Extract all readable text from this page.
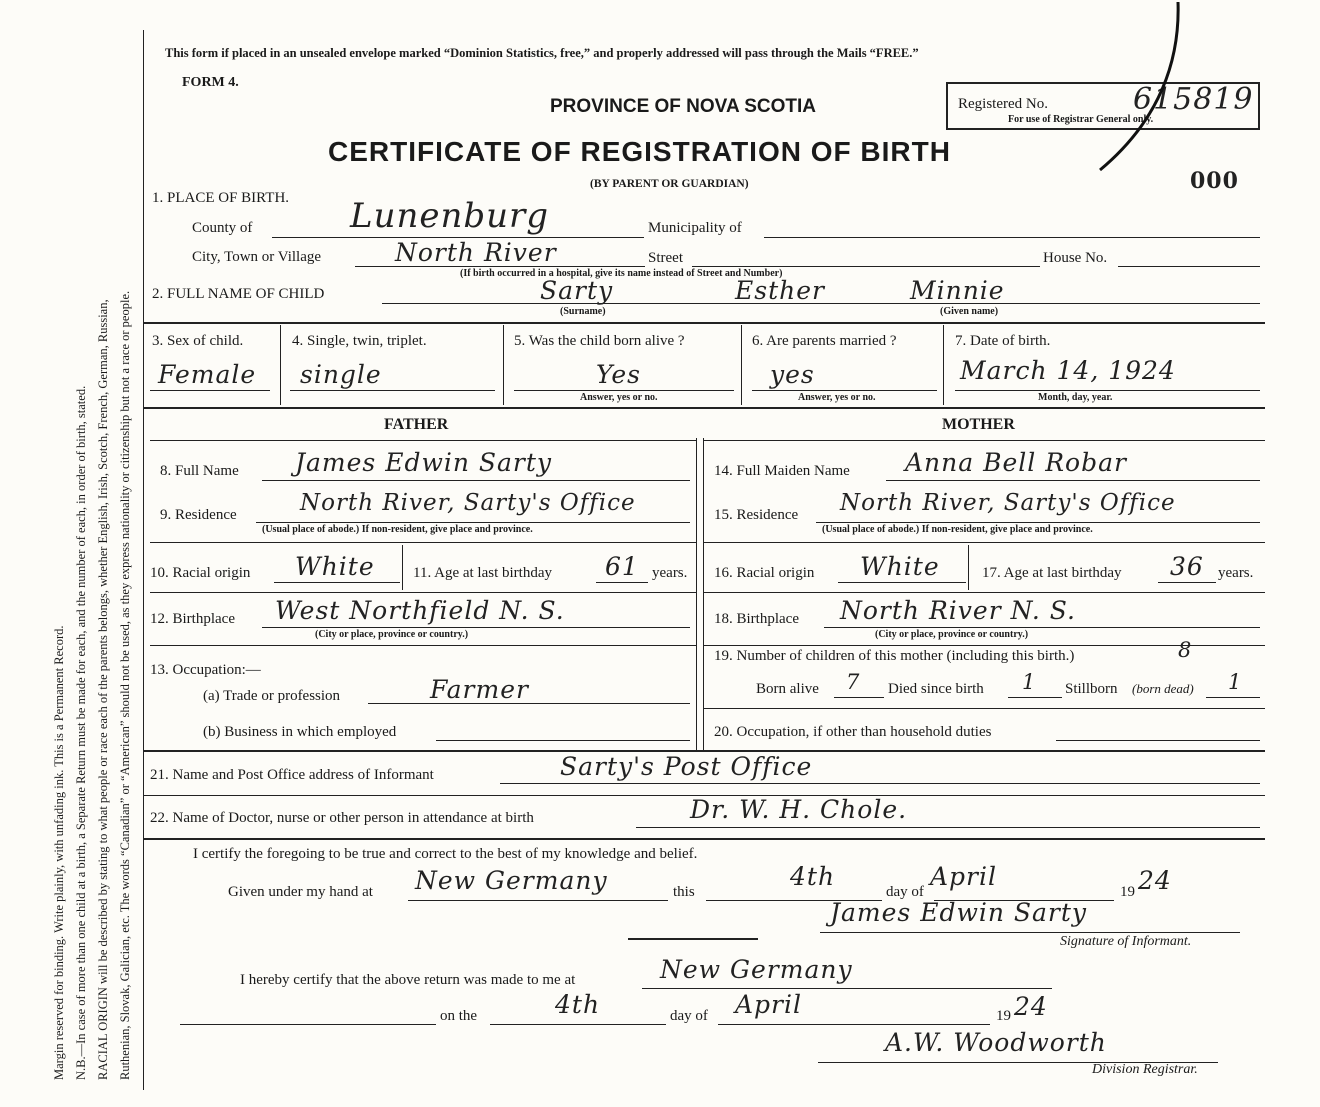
Margin reserved for binding. Write plainly, with unfading ink. This is a Permanent Record. N.B.—In case of more than one child at a birth, a Separate Return must be made for each, and the number of each, in order of birth, stated. RACIAL ORIGIN will be described by stating to what people or race each of the parents belongs, whether English, Irish, Scotch, French, German, Russian, Ruthenian, Slovak, Galician, etc. The words “Canadian” or “American” should not be used, as they express nationality or citizenship but not a race or people.
This form if placed in an unsealed envelope marked “Dominion Statistics, free,” and properly addressed will pass through the Mails “FREE.”
FORM 4.
PROVINCE OF NOVA SCOTIA
CERTIFICATE OF REGISTRATION OF BIRTH
(BY PARENT OR GUARDIAN)
Registered No.	615819
For use of Registrar General only.
000
1. PLACE OF BIRTH.
County of	Lunenburg	Municipality of
City, Town or Village	North River	Street	House No.
(If birth occurred in a hospital, give its name instead of Street and Number)
2. FULL NAME OF CHILD	Sarty	Esther	Minnie
(Surname)	(Given name)
3. Sex of child.
Female
4. Single, twin, triplet.
single
5. Was the child born alive ?
Yes
Answer, yes or no.
6. Are parents married ?
yes
Answer, yes or no.
7. Date of birth.
March 14, 1924
Month, day, year.
FATHER	MOTHER
8. Full Name James Edwin Sarty
9. Residence	North River, Sarty's Office
(Usual place of abode.) If non-resident, give place and province.
10. Racial origin White	11. Age at last birthday 61 years.
12. Birthplace West Northfield N. S.
(City or place, province or country.)
13. Occupation:—
(a) Trade or profession	Farmer
(b) Business in which employed
14. Full Maiden Name Anna Bell Robar
15. Residence North River, Sarty's Office
(Usual place of abode.) If non-resident, give place and province.
16. Racial origin White	17. Age at last birthday 36 years.
18. Birthplace North River N. S.
(City or place, province or country.)
19. Number of children of this mother (including this birth.)	8
Born alive 7 Died since birth 1 Stillborn (born dead) 1
20. Occupation, if other than household duties
21. Name and Post Office address of Informant	Sarty's Post Office
22. Name of Doctor, nurse or other person in attendance at birth	Dr. W. H. Chole.
I certify the foregoing to be true and correct to the best of my knowledge and belief.
Given under my hand at New Germany	this
4th
day of
April
19 24
James Edwin Sarty
Signature of Informant.
I hereby certify that the above return was made to me at	New Germany
on the	4th	day of April	19 24
A.W. Woodworth
Division Registrar.
